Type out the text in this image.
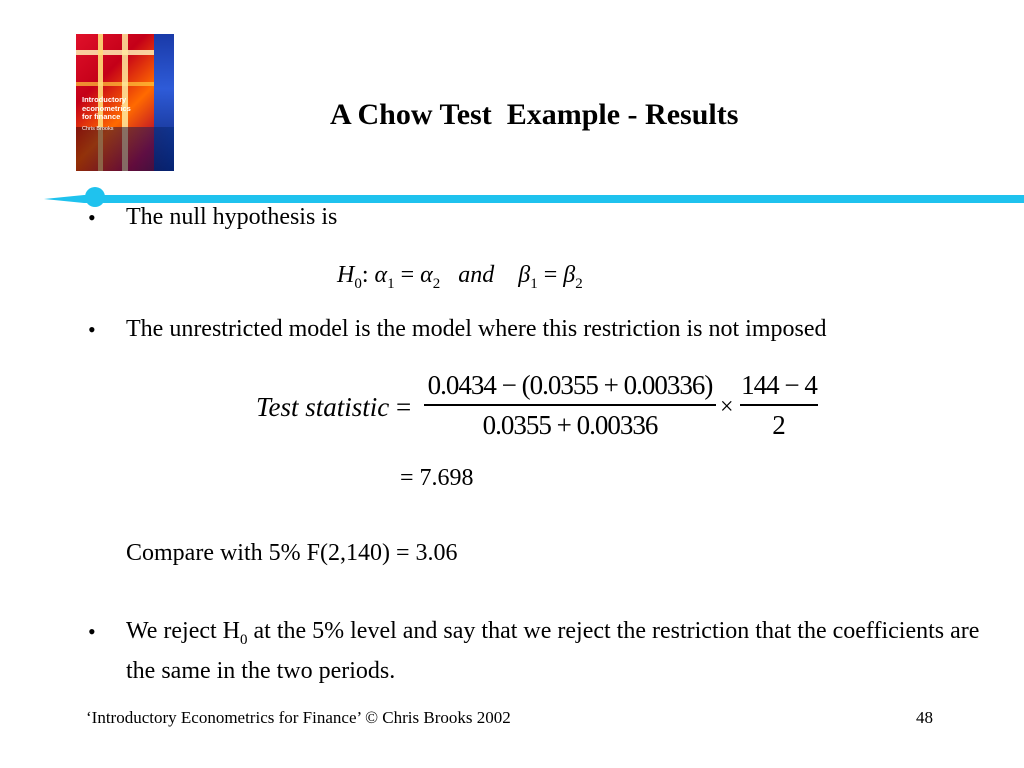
Introductory
econometrics
for finance
Chris Brooks	A Chow Test  Example - Results
• The null hypothesis is
$H_0$: $\alpha_1 = \alpha_2$ and $\beta_1 = \beta_2$
• The unrestricted model is the model where this restriction is not imposed
Test statistic =
0.0434 − (0.0355 + 0.00336)
0.0355 + 0.00336
×
144 − 4
2
= 7.698
Compare with 5% F(2,140) = 3.06
• We reject $H_0$ at the 5% level and say that we reject the restriction that the coefficients are the same in the two periods.
‘Introductory Econometrics for Finance’ © Chris Brooks 2002	48
